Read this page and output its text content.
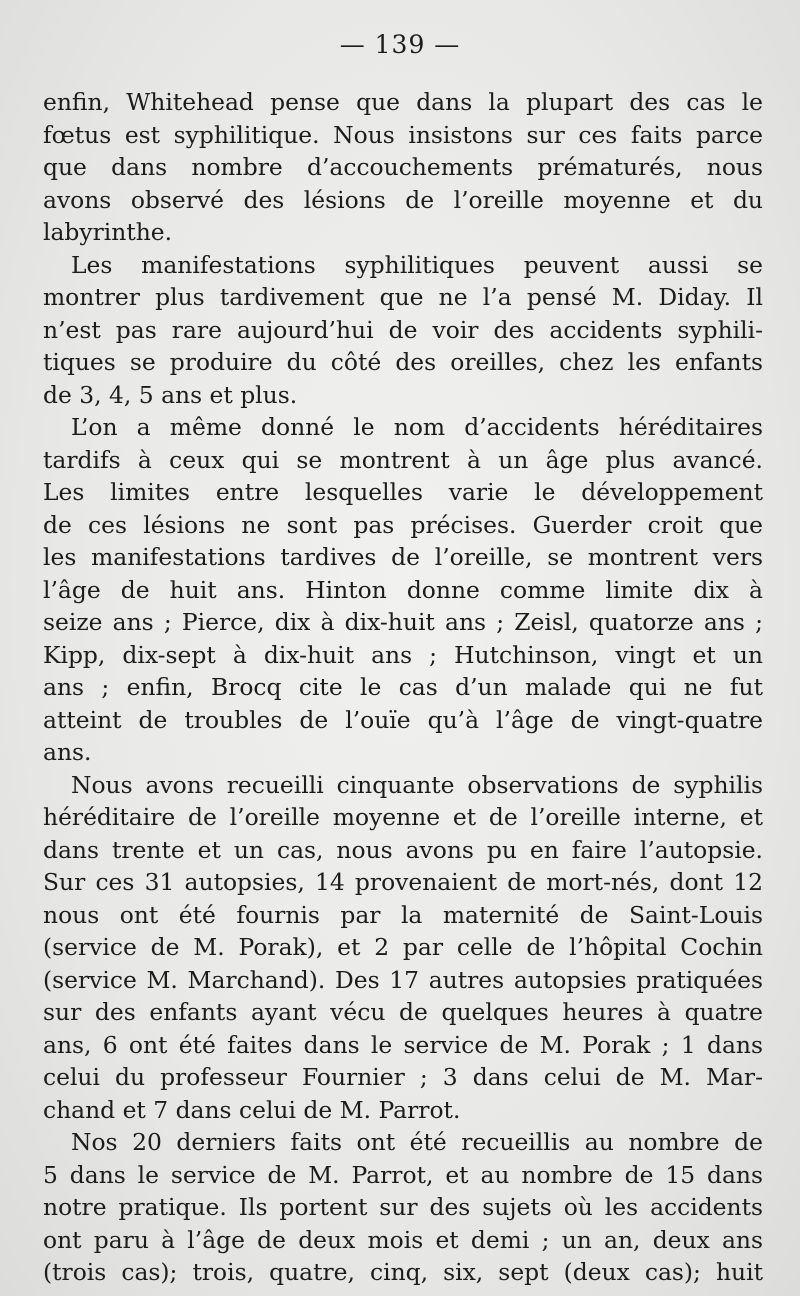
— 139 —
enfin, Whitehead pense que dans la plupart des cas le
fœtus est syphilitique. Nous insistons sur ces faits parce
que dans nombre d’accouchements prématurés, nous
avons observé des lésions de l’oreille moyenne et du
labyrinthe.
Les manifestations syphilitiques peuvent aussi se
montrer plus tardivement que ne l’a pensé M. Diday. Il
n’est pas rare aujourd’hui de voir des accidents syphili-
tiques se produire du côté des oreilles, chez les enfants
de 3, 4, 5 ans et plus.
L’on a même donné le nom d’accidents héréditaires
tardifs à ceux qui se montrent à un âge plus avancé.
Les limites entre lesquelles varie le développement
de ces lésions ne sont pas précises. Guerder croit que
les manifestations tardives de l’oreille, se montrent vers
l’âge de huit ans. Hinton donne comme limite dix à
seize ans ; Pierce, dix à dix-huit ans ; Zeisl, quatorze ans ;
Kipp, dix-sept à dix-huit ans ; Hutchinson, vingt et un
ans ; enfin, Brocq cite le cas d’un malade qui ne fut
atteint de troubles de l’ouïe qu’à l’âge de vingt-quatre
ans.
Nous avons recueilli cinquante observations de syphilis
héréditaire de l’oreille moyenne et de l’oreille interne, et
dans trente et un cas, nous avons pu en faire l’autopsie.
Sur ces 31 autopsies, 14 provenaient de mort-nés, dont 12
nous ont été fournis par la maternité de Saint-Louis
(service de M. Porak), et 2 par celle de l’hôpital Cochin
(service M. Marchand). Des 17 autres autopsies pratiquées
sur des enfants ayant vécu de quelques heures à quatre
ans, 6 ont été faites dans le service de M. Porak ; 1 dans
celui du professeur Fournier ; 3 dans celui de M. Mar-
chand et 7 dans celui de M. Parrot.
Nos 20 derniers faits ont été recueillis au nombre de
5 dans le service de M. Parrot, et au nombre de 15 dans
notre pratique. Ils portent sur des sujets où les accidents
ont paru à l’âge de deux mois et demi ; un an, deux ans
(trois cas); trois, quatre, cinq, six, sept (deux cas); huit
